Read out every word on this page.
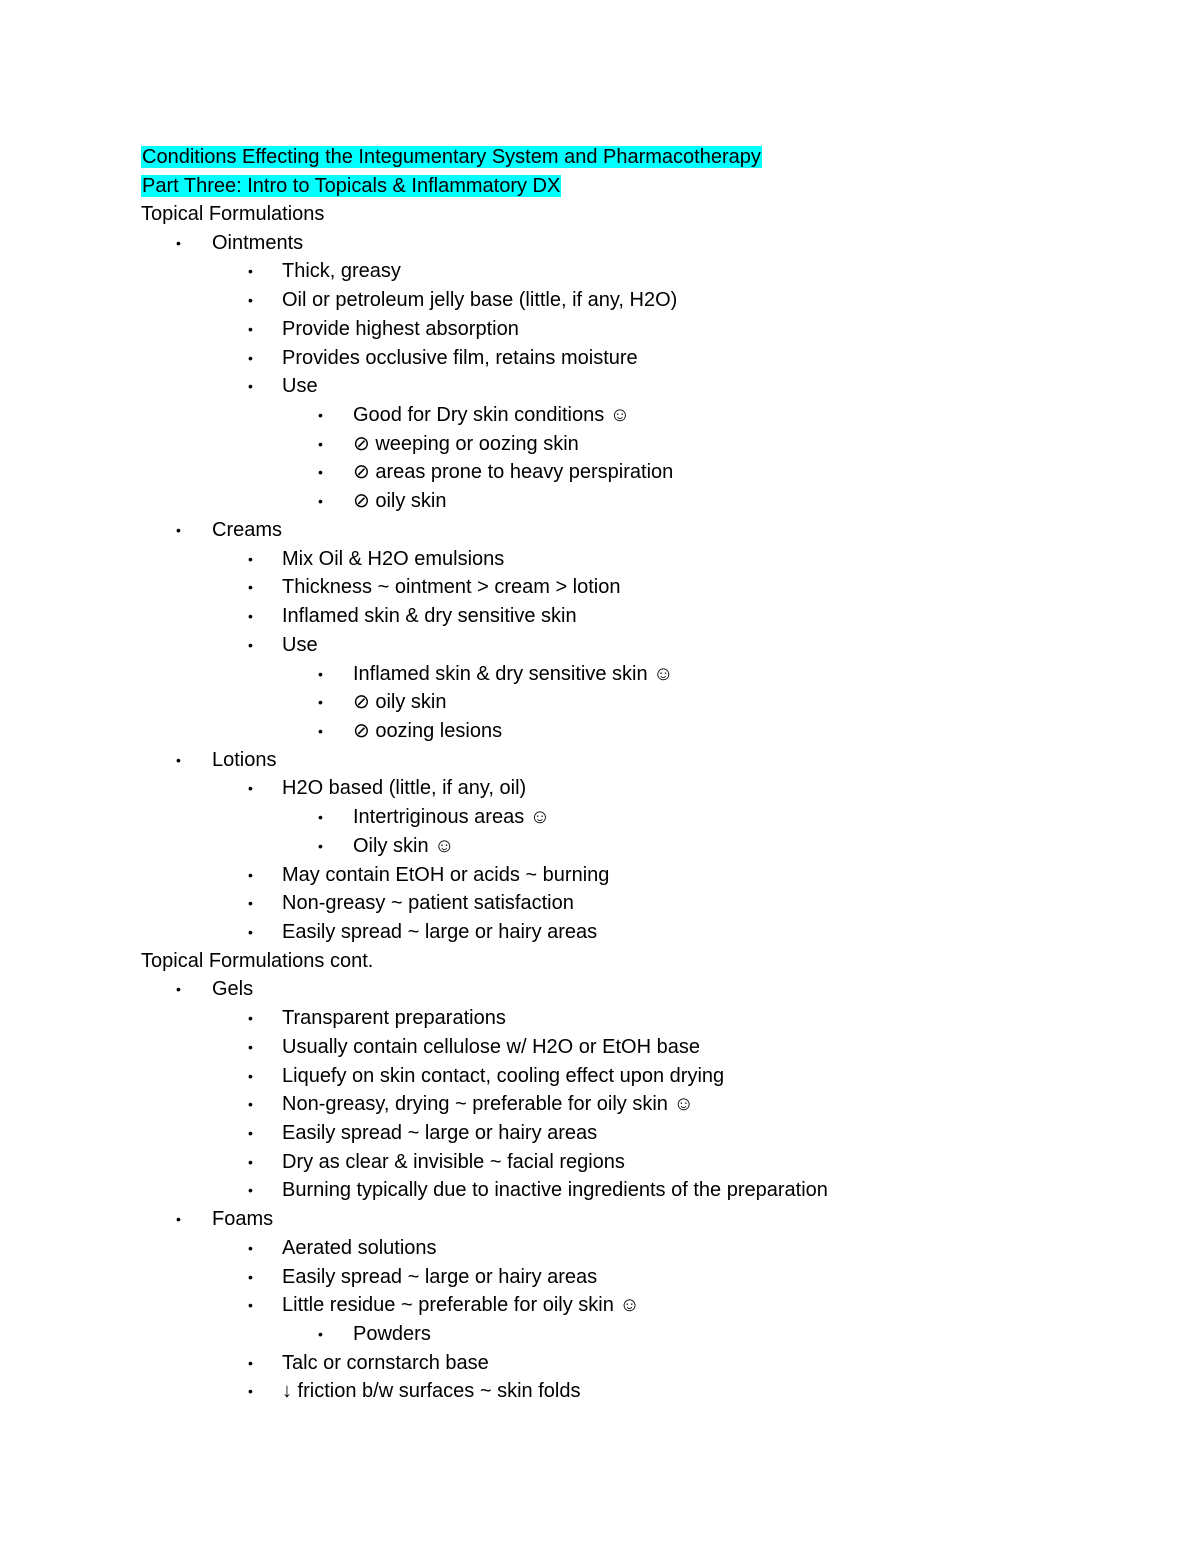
Conditions Effecting the Integumentary System and Pharmacotherapy
Part Three: Intro to Topicals & Inflammatory DX
Topical Formulations
• Ointments
• Thick, greasy
• Oil or petroleum jelly base (little, if any, H2O)
• Provide highest absorption
• Provides occlusive film, retains moisture
• Use
• Good for Dry skin conditions ☺
• ⊘ weeping or oozing skin
• ⊘ areas prone to heavy perspiration
• ⊘ oily skin
• Creams
• Mix Oil & H2O emulsions
• Thickness ~ ointment > cream > lotion
• Inflamed skin & dry sensitive skin
• Use
• Inflamed skin & dry sensitive skin ☺
• ⊘ oily skin
• ⊘ oozing lesions
• Lotions
• H2O based (little, if any, oil)
• Intertriginous areas ☺
• Oily skin ☺
• May contain EtOH or acids ~ burning
• Non-greasy ~ patient satisfaction
• Easily spread ~ large or hairy areas
Topical Formulations cont.
• Gels
• Transparent preparations
• Usually contain cellulose w/ H2O or EtOH base
• Liquefy on skin contact, cooling effect upon drying
• Non-greasy, drying ~ preferable for oily skin ☺
• Easily spread ~ large or hairy areas
• Dry as clear & invisible ~ facial regions
• Burning typically due to inactive ingredients of the preparation
• Foams
• Aerated solutions
• Easily spread ~ large or hairy areas
• Little residue ~ preferable for oily skin ☺
• Powders
• Talc or cornstarch base
• ↓ friction b/w surfaces ~ skin folds
